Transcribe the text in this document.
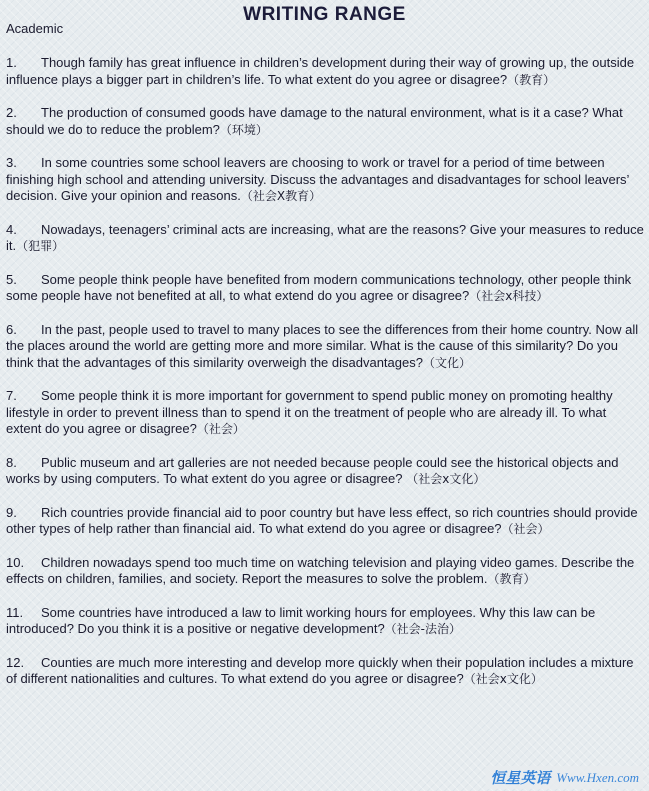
WRITING RANGE
Academic

1. Though family has great influence in children’s development during their way of growing up, the outside influence plays a bigger part in children’s life. To what extent do you agree or disagree?（教育）

2. The production of consumed goods have damage to the natural environment, what is it a case? What should we do to reduce the problem?（环境）

3. In some countries some school leavers are choosing to work or travel for a period of time between finishing high school and attending university. Discuss the advantages and disadvantages for school leavers’ decision. Give your opinion and reasons.（社会X教育）

4. Nowadays, teenagers’ criminal acts are increasing, what are the reasons? Give your measures to reduce it.（犯罪）

5. Some people think people have benefited from modern communications technology, other people think some people have not benefited at all, to what extend do you agree or disagree?（社会x科技）

6. In the past, people used to travel to many places to see the differences from their home country. Now all the places around the world are getting more and more similar. What is the cause of this similarity? Do you think that the advantages of this similarity overweigh the disadvantages?（文化）

7. Some people think it is more important for government to spend public money on promoting healthy lifestyle in order to prevent illness than to spend it on the treatment of people who are already ill. To what extent do you agree or disagree?（社会）

8. Public museum and art galleries are not needed because people could see the historical objects and works by using computers. To what extent do you agree or disagree? （社会x文化）

9. Rich countries provide financial aid to poor country but have less effect, so rich countries should provide other types of help rather than financial aid. To what extend do you agree or disagree?（社会）

10. Children nowadays spend too much time on watching television and playing video games. Describe the effects on children, families, and society. Report the measures to solve the problem.（教育）

11. Some countries have introduced a law to limit working hours for employees. Why this law can be introduced? Do you think it is a positive or negative development?（社会-法治）

12. Counties are much more interesting and develop more quickly when their population includes a mixture of different nationalities and cultures. To what extend do you agree or disagree?（社会x文化）

恒星英语 Www.Hxen.com
